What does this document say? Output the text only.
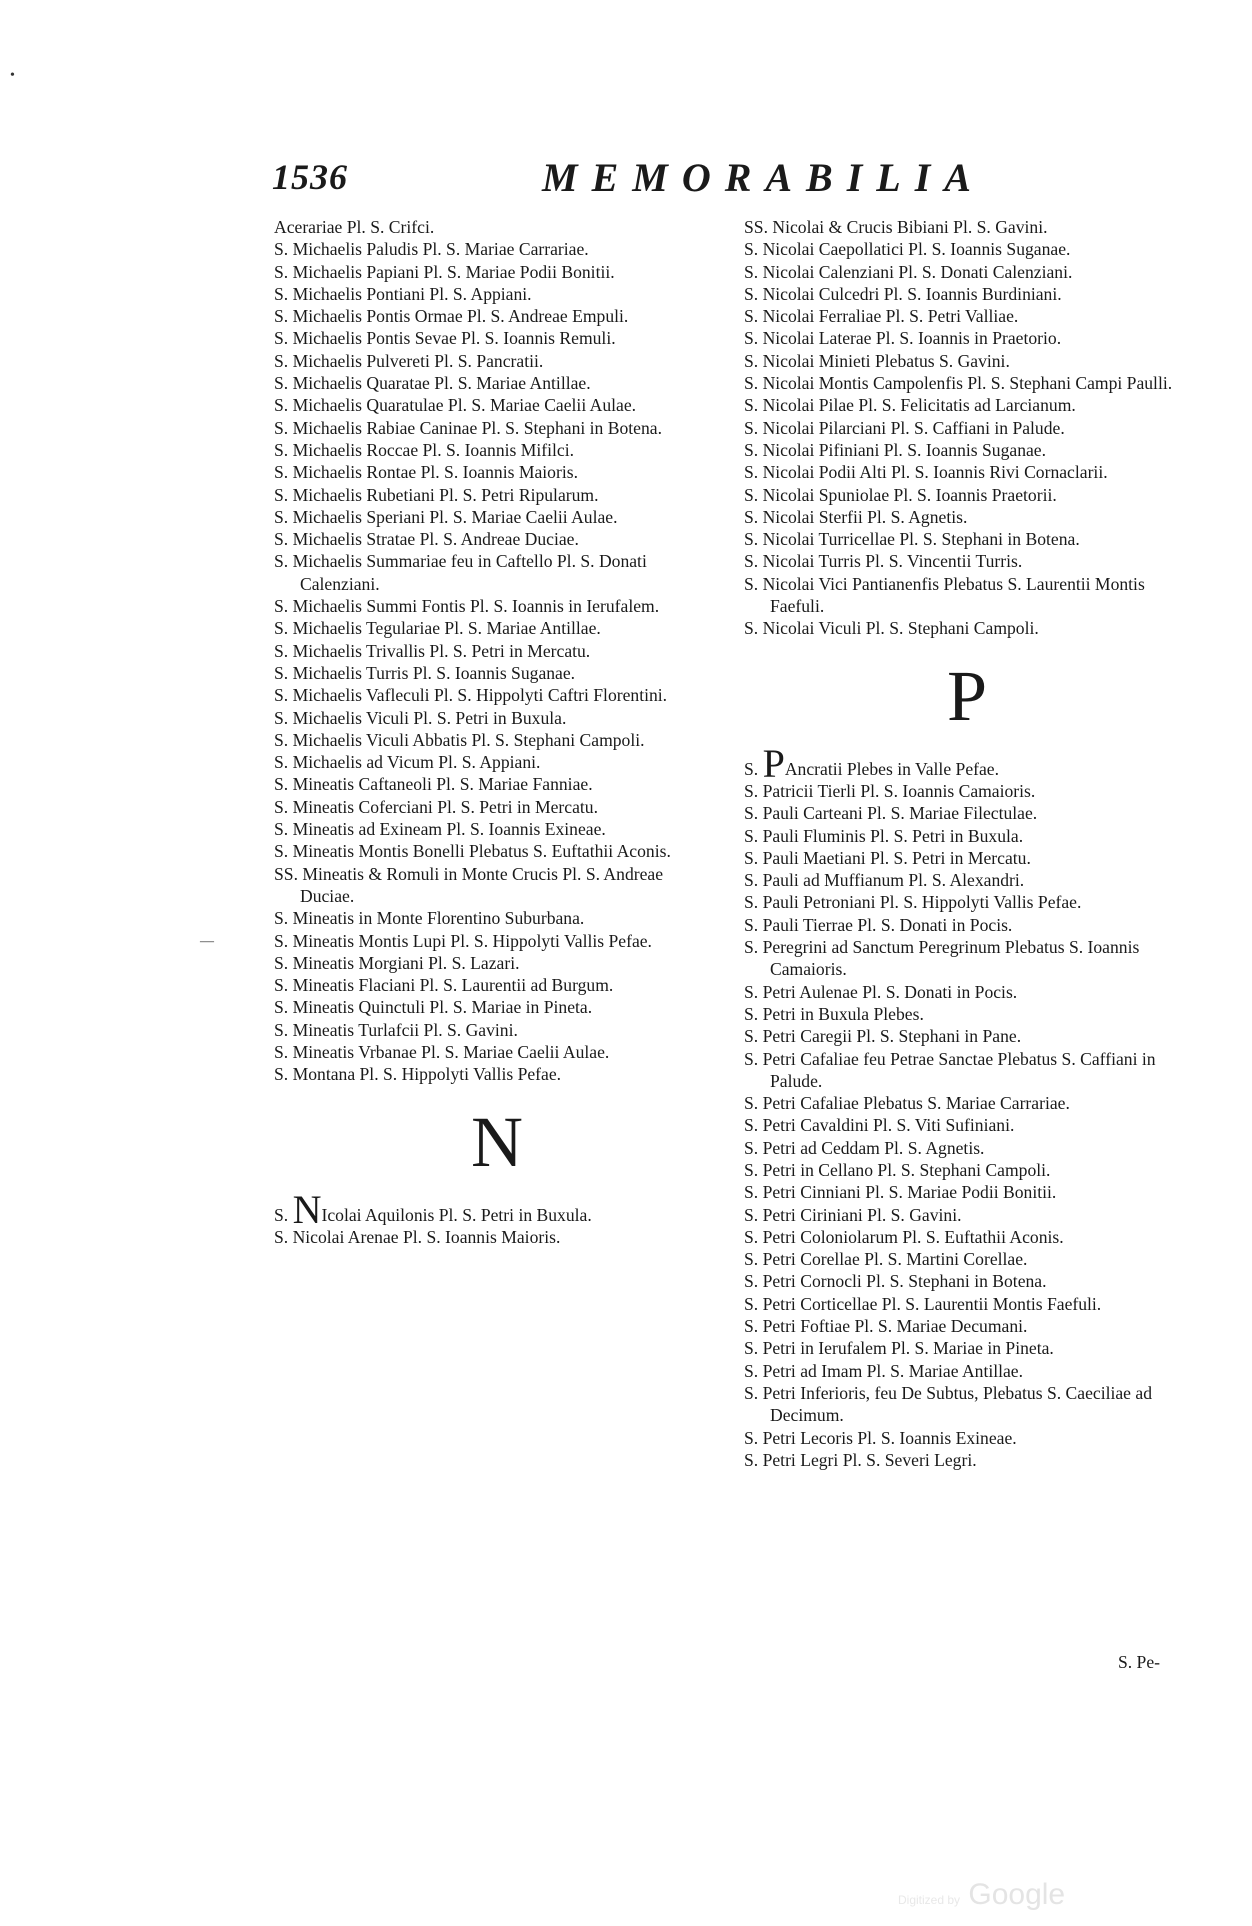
•
—
1536	MEMORABILIA
Acerariae Pl. S. Crifci.
S. Michaelis Paludis Pl. S. Mariae Carrariae.
S. Michaelis Papiani Pl. S. Mariae Podii Bonitii.
S. Michaelis Pontiani Pl. S. Appiani.
S. Michaelis Pontis Ormae Pl. S. Andreae Empuli.
S. Michaelis Pontis Sevae Pl. S. Ioannis Remuli.
S. Michaelis Pulvereti Pl. S. Pancratii.
S. Michaelis Quaratae Pl. S. Mariae Antillae.
S. Michaelis Quaratulae Pl. S. Mariae Caelii Aulae.
S. Michaelis Rabiae Caninae Pl. S. Stephani in Botena.
S. Michaelis Roccae Pl. S. Ioannis Mifilci.
S. Michaelis Rontae Pl. S. Ioannis Maioris.
S. Michaelis Rubetiani Pl. S. Petri Ripularum.
S. Michaelis Speriani Pl. S. Mariae Caelii Aulae.
S. Michaelis Stratae Pl. S. Andreae Duciae.
S. Michaelis Summariae feu in Caftello Pl. S. Donati Calenziani.
S. Michaelis Summi Fontis Pl. S. Ioannis in Ierufalem.
S. Michaelis Tegulariae Pl. S. Mariae Antillae.
S. Michaelis Trivallis Pl. S. Petri in Mercatu.
S. Michaelis Turris Pl. S. Ioannis Suganae.
S. Michaelis Vafleculi Pl. S. Hippolyti Caftri Florentini.
S. Michaelis Viculi Pl. S. Petri in Buxula.
S. Michaelis Viculi Abbatis Pl. S. Stephani Campoli.
S. Michaelis ad Vicum Pl. S. Appiani.
S. Mineatis Caftaneoli Pl. S. Mariae Fanniae.
S. Mineatis Coferciani Pl. S. Petri in Mercatu.
S. Mineatis ad Exineam Pl. S. Ioannis Exineae.
S. Mineatis Montis Bonelli Plebatus S. Euftathii Aconis.
SS. Mineatis & Romuli in Monte Crucis Pl. S. Andreae Duciae.
S. Mineatis in Monte Florentino Suburbana.
S. Mineatis Montis Lupi Pl. S. Hippolyti Vallis Pefae.
S. Mineatis Morgiani Pl. S. Lazari.
S. Mineatis Flaciani Pl. S. Laurentii ad Burgum.
S. Mineatis Quinctuli Pl. S. Mariae in Pineta.
S. Mineatis Turlafcii Pl. S. Gavini.
S. Mineatis Vrbanae Pl. S. Mariae Caelii Aulae.
S. Montana Pl. S. Hippolyti Vallis Pefae.
N
S. NIcolai Aquilonis Pl. S. Petri in Buxula.
S. Nicolai Arenae Pl. S. Ioannis Maioris.
SS. Nicolai & Crucis Bibiani Pl. S. Gavini.
S. Nicolai Caepollatici Pl. S. Ioannis Suganae.
S. Nicolai Calenziani Pl. S. Donati Calenziani.
S. Nicolai Culcedri Pl. S. Ioannis Burdiniani.
S. Nicolai Ferraliae Pl. S. Petri Valliae.
S. Nicolai Laterae Pl. S. Ioannis in Praetorio.
S. Nicolai Minieti Plebatus S. Gavini.
S. Nicolai Montis Campolenfis Pl. S. Stephani Campi Paulli.
S. Nicolai Pilae Pl. S. Felicitatis ad Larcianum.
S. Nicolai Pilarciani Pl. S. Caffiani in Palude.
S. Nicolai Pifiniani Pl. S. Ioannis Suganae.
S. Nicolai Podii Alti Pl. S. Ioannis Rivi Cornaclarii.
S. Nicolai Spuniolae Pl. S. Ioannis Praetorii.
S. Nicolai Sterfii Pl. S. Agnetis.
S. Nicolai Turricellae Pl. S. Stephani in Botena.
S. Nicolai Turris Pl. S. Vincentii Turris.
S. Nicolai Vici Pantianenfis Plebatus S. Laurentii Montis Faefuli.
S. Nicolai Viculi Pl. S. Stephani Campoli.
P
S. PAncratii Plebes in Valle Pefae.
S. Patricii Tierli Pl. S. Ioannis Camaioris.
S. Pauli Carteani Pl. S. Mariae Filectulae.
S. Pauli Fluminis Pl. S. Petri in Buxula.
S. Pauli Maetiani Pl. S. Petri in Mercatu.
S. Pauli ad Muffianum Pl. S. Alexandri.
S. Pauli Petroniani Pl. S. Hippolyti Vallis Pefae.
S. Pauli Tierrae Pl. S. Donati in Pocis.
S. Peregrini ad Sanctum Peregrinum Plebatus S. Ioannis Camaioris.
S. Petri Aulenae Pl. S. Donati in Pocis.
S. Petri in Buxula Plebes.
S. Petri Caregii Pl. S. Stephani in Pane.
S. Petri Cafaliae feu Petrae Sanctae Plebatus S. Caffiani in Palude.
S. Petri Cafaliae Plebatus S. Mariae Carrariae.
S. Petri Cavaldini Pl. S. Viti Sufiniani.
S. Petri ad Ceddam Pl. S. Agnetis.
S. Petri in Cellano Pl. S. Stephani Campoli.
S. Petri Cinniani Pl. S. Mariae Podii Bonitii.
S. Petri Ciriniani Pl. S. Gavini.
S. Petri Coloniolarum Pl. S. Euftathii Aconis.
S. Petri Corellae Pl. S. Martini Corellae.
S. Petri Cornocli Pl. S. Stephani in Botena.
S. Petri Corticellae Pl. S. Laurentii Montis Faefuli.
S. Petri Foftiae Pl. S. Mariae Decumani.
S. Petri in Ierufalem Pl. S. Mariae in Pineta.
S. Petri ad Imam Pl. S. Mariae Antillae.
S. Petri Inferioris, feu De Subtus, Plebatus S. Caeciliae ad Decimum.
S. Petri Lecoris Pl. S. Ioannis Exineae.
S. Petri Legri Pl. S. Severi Legri.
S. Pe-
Digitized by Google
